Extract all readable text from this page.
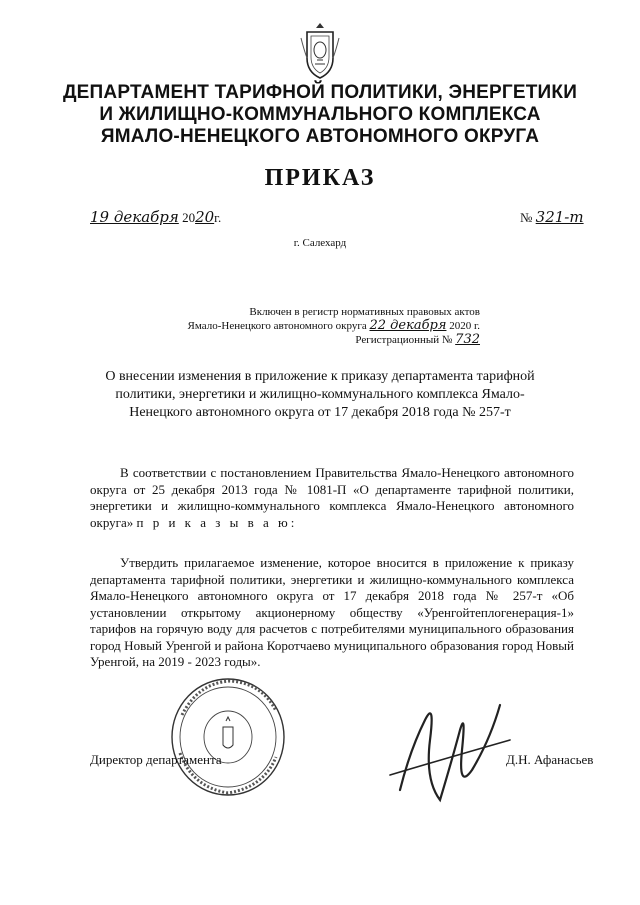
ДЕПАРТАМЕНТ ТАРИФНОЙ ПОЛИТИКИ, ЭНЕРГЕТИКИ
И ЖИЛИЩНО-КОММУНАЛЬНОГО КОМПЛЕКСА
ЯМАЛО-НЕНЕЦКОГО АВТОНОМНОГО ОКРУГА
ПРИКАЗ
19 декабря 2020г.	№ 321-т
г. Салехард
Включен в регистр нормативных правовых актов
Ямало-Ненецкого автономного округа 22 декабря 2020 г.
Регистрационный № 732
О внесении изменения в приложение к приказу департамента тарифной политики, энергетики и жилищно-коммунального комплекса Ямало-Ненецкого автономного округа от 17 декабря 2018 года № 257-т
В соответствии с постановлением Правительства Ямало-Ненецкого автономного округа от 25 декабря 2013 года № 1081-П «О департаменте тарифной политики, энергетики и жилищно-коммунального комплекса Ямало-Ненецкого автономного округа» п р и к а з ы в а ю:
Утвердить прилагаемое изменение, которое вносится в приложение к приказу департамента тарифной политики, энергетики и жилищно-коммунального комплекса Ямало-Ненецкого автономного округа от 17 декабря 2018 года № 257-т «Об установлении открытому акционерному обществу «Уренгойтеплогенерация-1» тарифов на горячую воду для расчетов с потребителями муниципального образования город Новый Уренгой и района Коротчаево муниципального образования город Новый Уренгой, на 2019 - 2023 годы».
Директор департамента	Д.Н. Афанасьев
